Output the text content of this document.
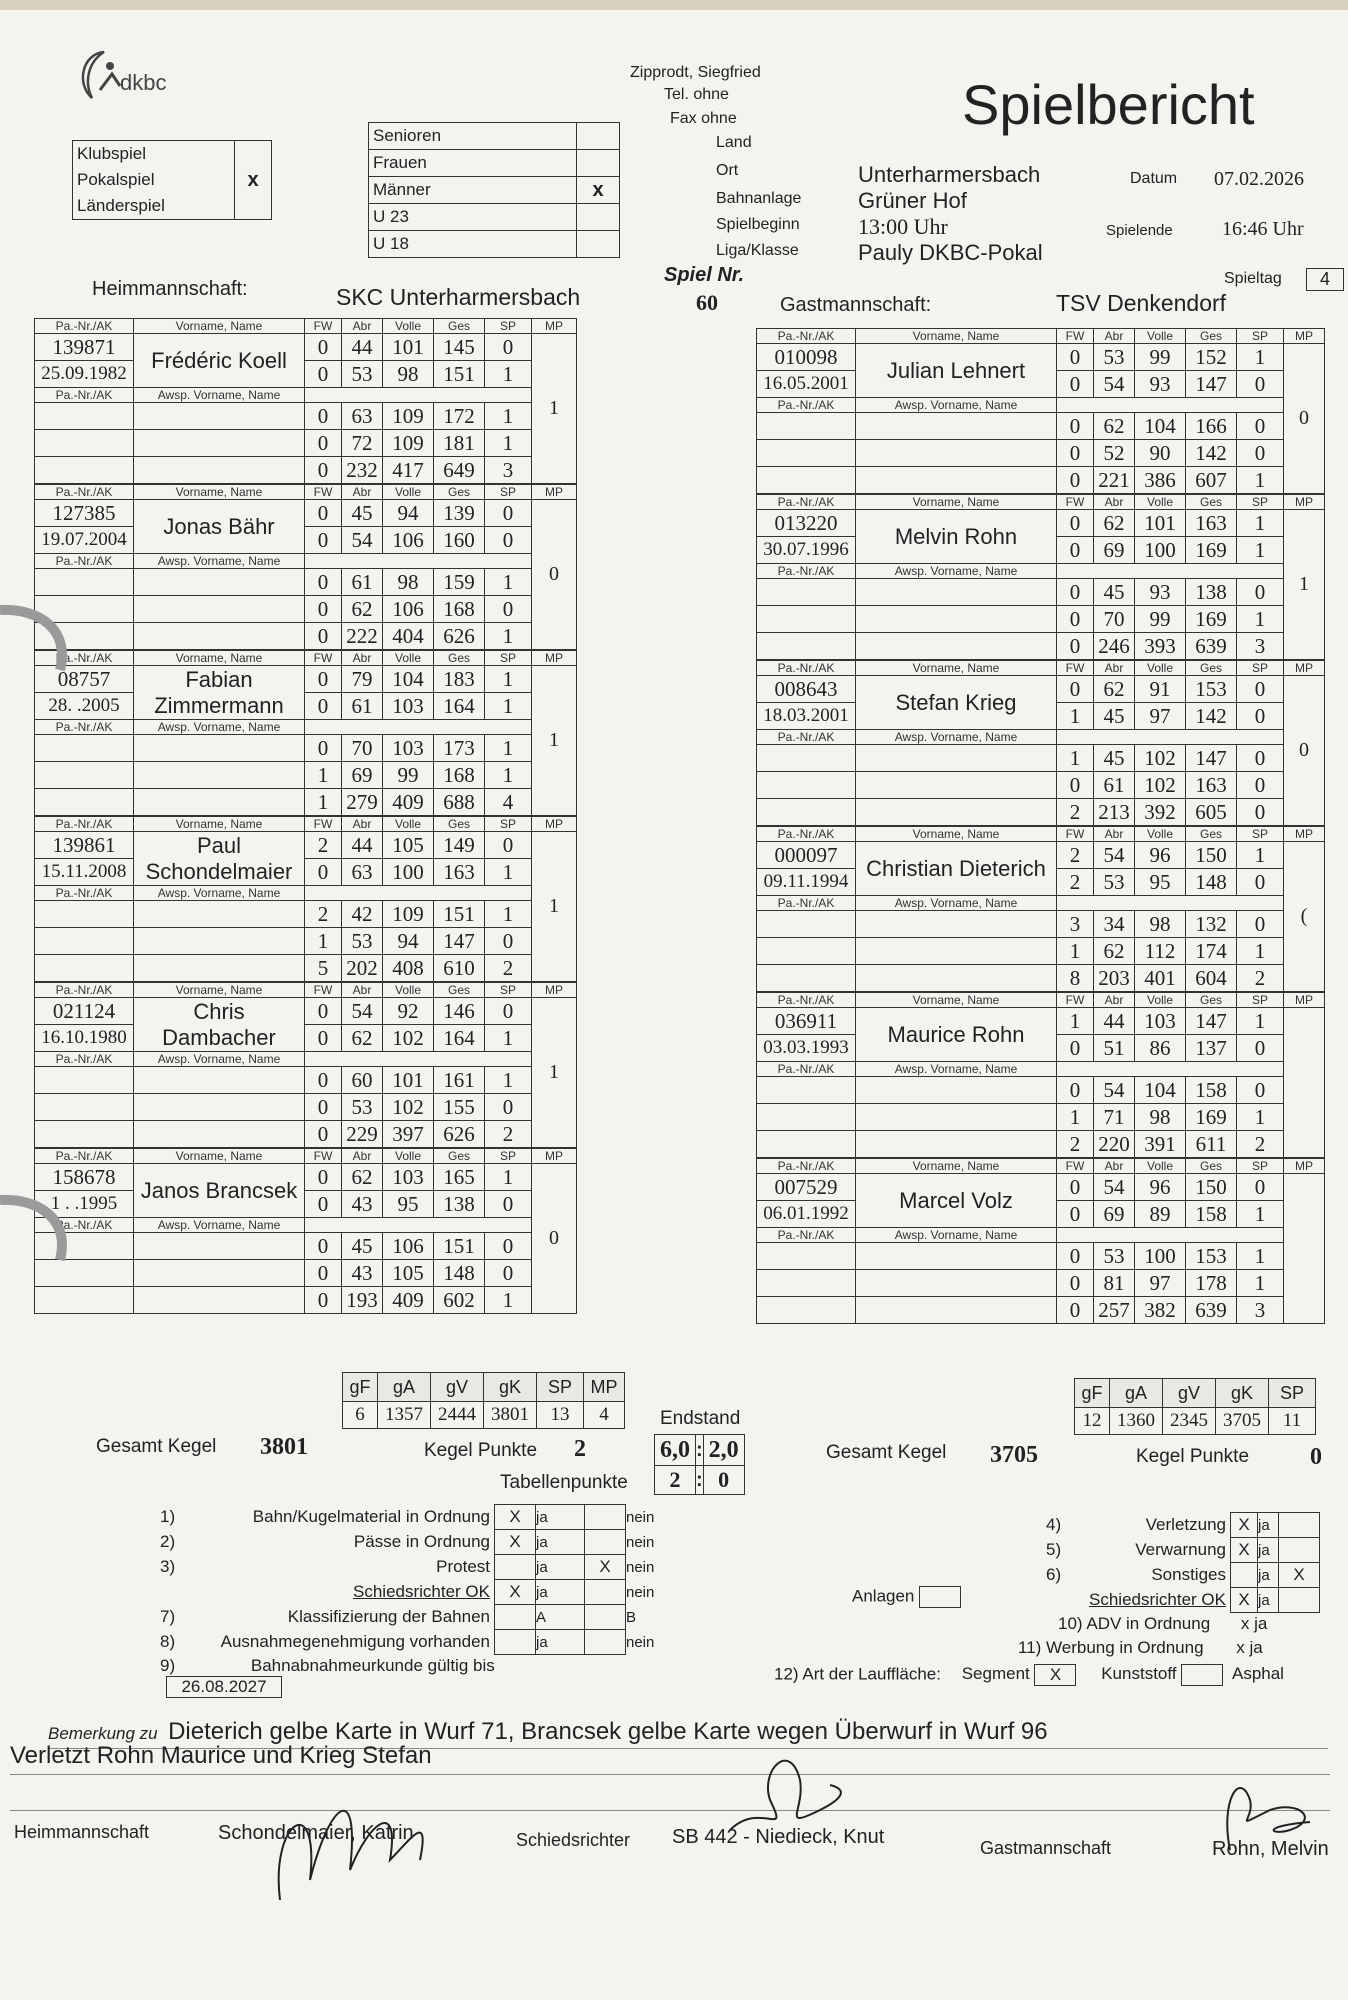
dkbc	Zipprodt, Siegfried
Tel. ohne
Fax ohne	Spielbericht
Klubspiel	
Pokalspiel	x
Länderspiel	
Senioren	
Frauen	
Männer	x
U 23	
U 18	
Land
Ort
Bahnanlage
Spielbeginn
Liga/Klasse
Unterharmersbach
Grüner Hof
13:00 Uhr
Pauly DKBC-Pokal
Datum 07.02.2026
Spielende 16:46 Uhr
Spieltag	4
Spiel Nr.
60
Heimmannschaft:	SKC Unterharmersbach	Gastmannschaft:	TSV Denkendorf
Pa.-Nr./AK	Vorname, Name	FW	Abr	Volle	Ges	SP	MP
139871	Frédéric Koell	0	44	101	145	0	1
25.09.1982		0	53	98	151	1	
Pa.-Nr./AK	Awsp. Vorname, Name						
		0	63	109	172	1	
		0	72	109	181	1	
		0	232	417	649	3	
Pa.-Nr./AK	Vorname, Name	FW	Abr	Volle	Ges	SP	MP
127385	Jonas Bähr	0	45	94	139	0	0
19.07.2004		0	54	106	160	0	
Pa.-Nr./AK	Awsp. Vorname, Name						
		0	61	98	159	1	
		0	62	106	168	0	
		0	222	404	626	1	
Pa.-Nr./AK	Vorname, Name	FW	Abr	Volle	Ges	SP	MP
08757	Fabian Zimmermann	0	79	104	183	1	1
28. .2005		0	61	103	164	1	
Pa.-Nr./AK	Awsp. Vorname, Name						
		0	70	103	173	1	
		1	69	99	168	1	
		1	279	409	688	4	
Pa.-Nr./AK	Vorname, Name	FW	Abr	Volle	Ges	SP	MP
139861	Paul Schondelmaier	2	44	105	149	0	1
15.11.2008		0	63	100	163	1	
Pa.-Nr./AK	Awsp. Vorname, Name						
		2	42	109	151	1	
		1	53	94	147	0	
		5	202	408	610	2	
Pa.-Nr./AK	Vorname, Name	FW	Abr	Volle	Ges	SP	MP
021124	Chris Dambacher	0	54	92	146	0	1
16.10.1980		0	62	102	164	1	
Pa.-Nr./AK	Awsp. Vorname, Name						
		0	60	101	161	1	
		0	53	102	155	0	
		0	229	397	626	2	
Pa.-Nr./AK	Vorname, Name	FW	Abr	Volle	Ges	SP	MP
158678	Janos Brancsek	0	62	103	165	1	0
1 . .1995		0	43	95	138	0	
Pa.-Nr./AK	Awsp. Vorname, Name						
		0	45	106	151	0	
		0	43	105	148	0	
		0	193	409	602	1	
Pa.-Nr./AK	Vorname, Name	FW	Abr	Volle	Ges	SP	MP
010098	Julian Lehnert	0	53	99	152	1	0
16.05.2001		0	54	93	147	0	
Pa.-Nr./AK	Awsp. Vorname, Name						
		0	62	104	166	0	
		0	52	90	142	0	
		0	221	386	607	1	
Pa.-Nr./AK	Vorname, Name	FW	Abr	Volle	Ges	SP	MP
013220	Melvin Rohn	0	62	101	163	1	1
30.07.1996		0	69	100	169	1	
Pa.-Nr./AK	Awsp. Vorname, Name						
		0	45	93	138	0	
		0	70	99	169	1	
		0	246	393	639	3	
Pa.-Nr./AK	Vorname, Name	FW	Abr	Volle	Ges	SP	MP
008643	Stefan Krieg	0	62	91	153	0	0
18.03.2001		1	45	97	142	0	
Pa.-Nr./AK	Awsp. Vorname, Name						
		1	45	102	147	0	
		0	61	102	163	0	
		2	213	392	605	0	
Pa.-Nr./AK	Vorname, Name	FW	Abr	Volle	Ges	SP	MP
000097	Christian Dieterich	2	54	96	150	1	(
09.11.1994		2	53	95	148	0	
Pa.-Nr./AK	Awsp. Vorname, Name						
		3	34	98	132	0	
		1	62	112	174	1	
		8	203	401	604	2	
Pa.-Nr./AK	Vorname, Name	FW	Abr	Volle	Ges	SP	MP
036911	Maurice Rohn	1	44	103	147	1	
03.03.1993		0	51	86	137	0	
Pa.-Nr./AK	Awsp. Vorname, Name						
		0	54	104	158	0	
		1	71	98	169	1	
		2	220	391	611	2	
Pa.-Nr./AK	Vorname, Name	FW	Abr	Volle	Ges	SP	MP
007529	Marcel Volz	0	54	96	150	0	
06.01.1992		0	69	89	158	1	
Pa.-Nr./AK	Awsp. Vorname, Name						
		0	53	100	153	1	
		0	81	97	178	1	
		0	257	382	639	3	
gF	gA	gV	gK	SP	MP
6	1357	2444	3801	13	4
gF	gA	gV	gK	SP
12	1360	2345	3705	11
Endstand
6,0	:	2,0
2	:	0
Tabellenpunkte
Gesamt Kegel 3801	Kegel Punkte 2	Gesamt Kegel 3705	Kegel Punkte	0
1)	Bahn/Kugelmaterial in Ordnung	X	ja		nein
2)	Pässe in Ordnung	X	ja		nein
3)	Protest		ja	X	nein
	Schiedsrichter OK	X	ja		nein
7)	Klassifizierung der Bahnen		A		B
8)	Ausnahmegenehmigung vorhanden		ja		nein
9)	Bahnabnahmeurkunde gültig bis 26.08.2027
Anlagen
4)	Verletzung	X	ja	
5)	Verwarnung	X	ja	
6)	Sonstiges		ja	X
	Schiedsrichter OK	X	ja	
10) ADV in Ordnung x ja
11) Werbung in Ordnung x ja
12) Art der Lauffläche: Segment X Kunststoff	Asphal
Bemerkung zu Dieterich gelbe Karte in Wurf 71, Brancsek gelbe Karte wegen Überwurf in Wurf 96
Verletzt Rohn Maurice und Krieg Stefan
Heimmannschaft	Schondelmaier, Katrin	Schiedsrichter SB 442 - Niedieck, Knut	Gastmannschaft	Rohn, Melvin
